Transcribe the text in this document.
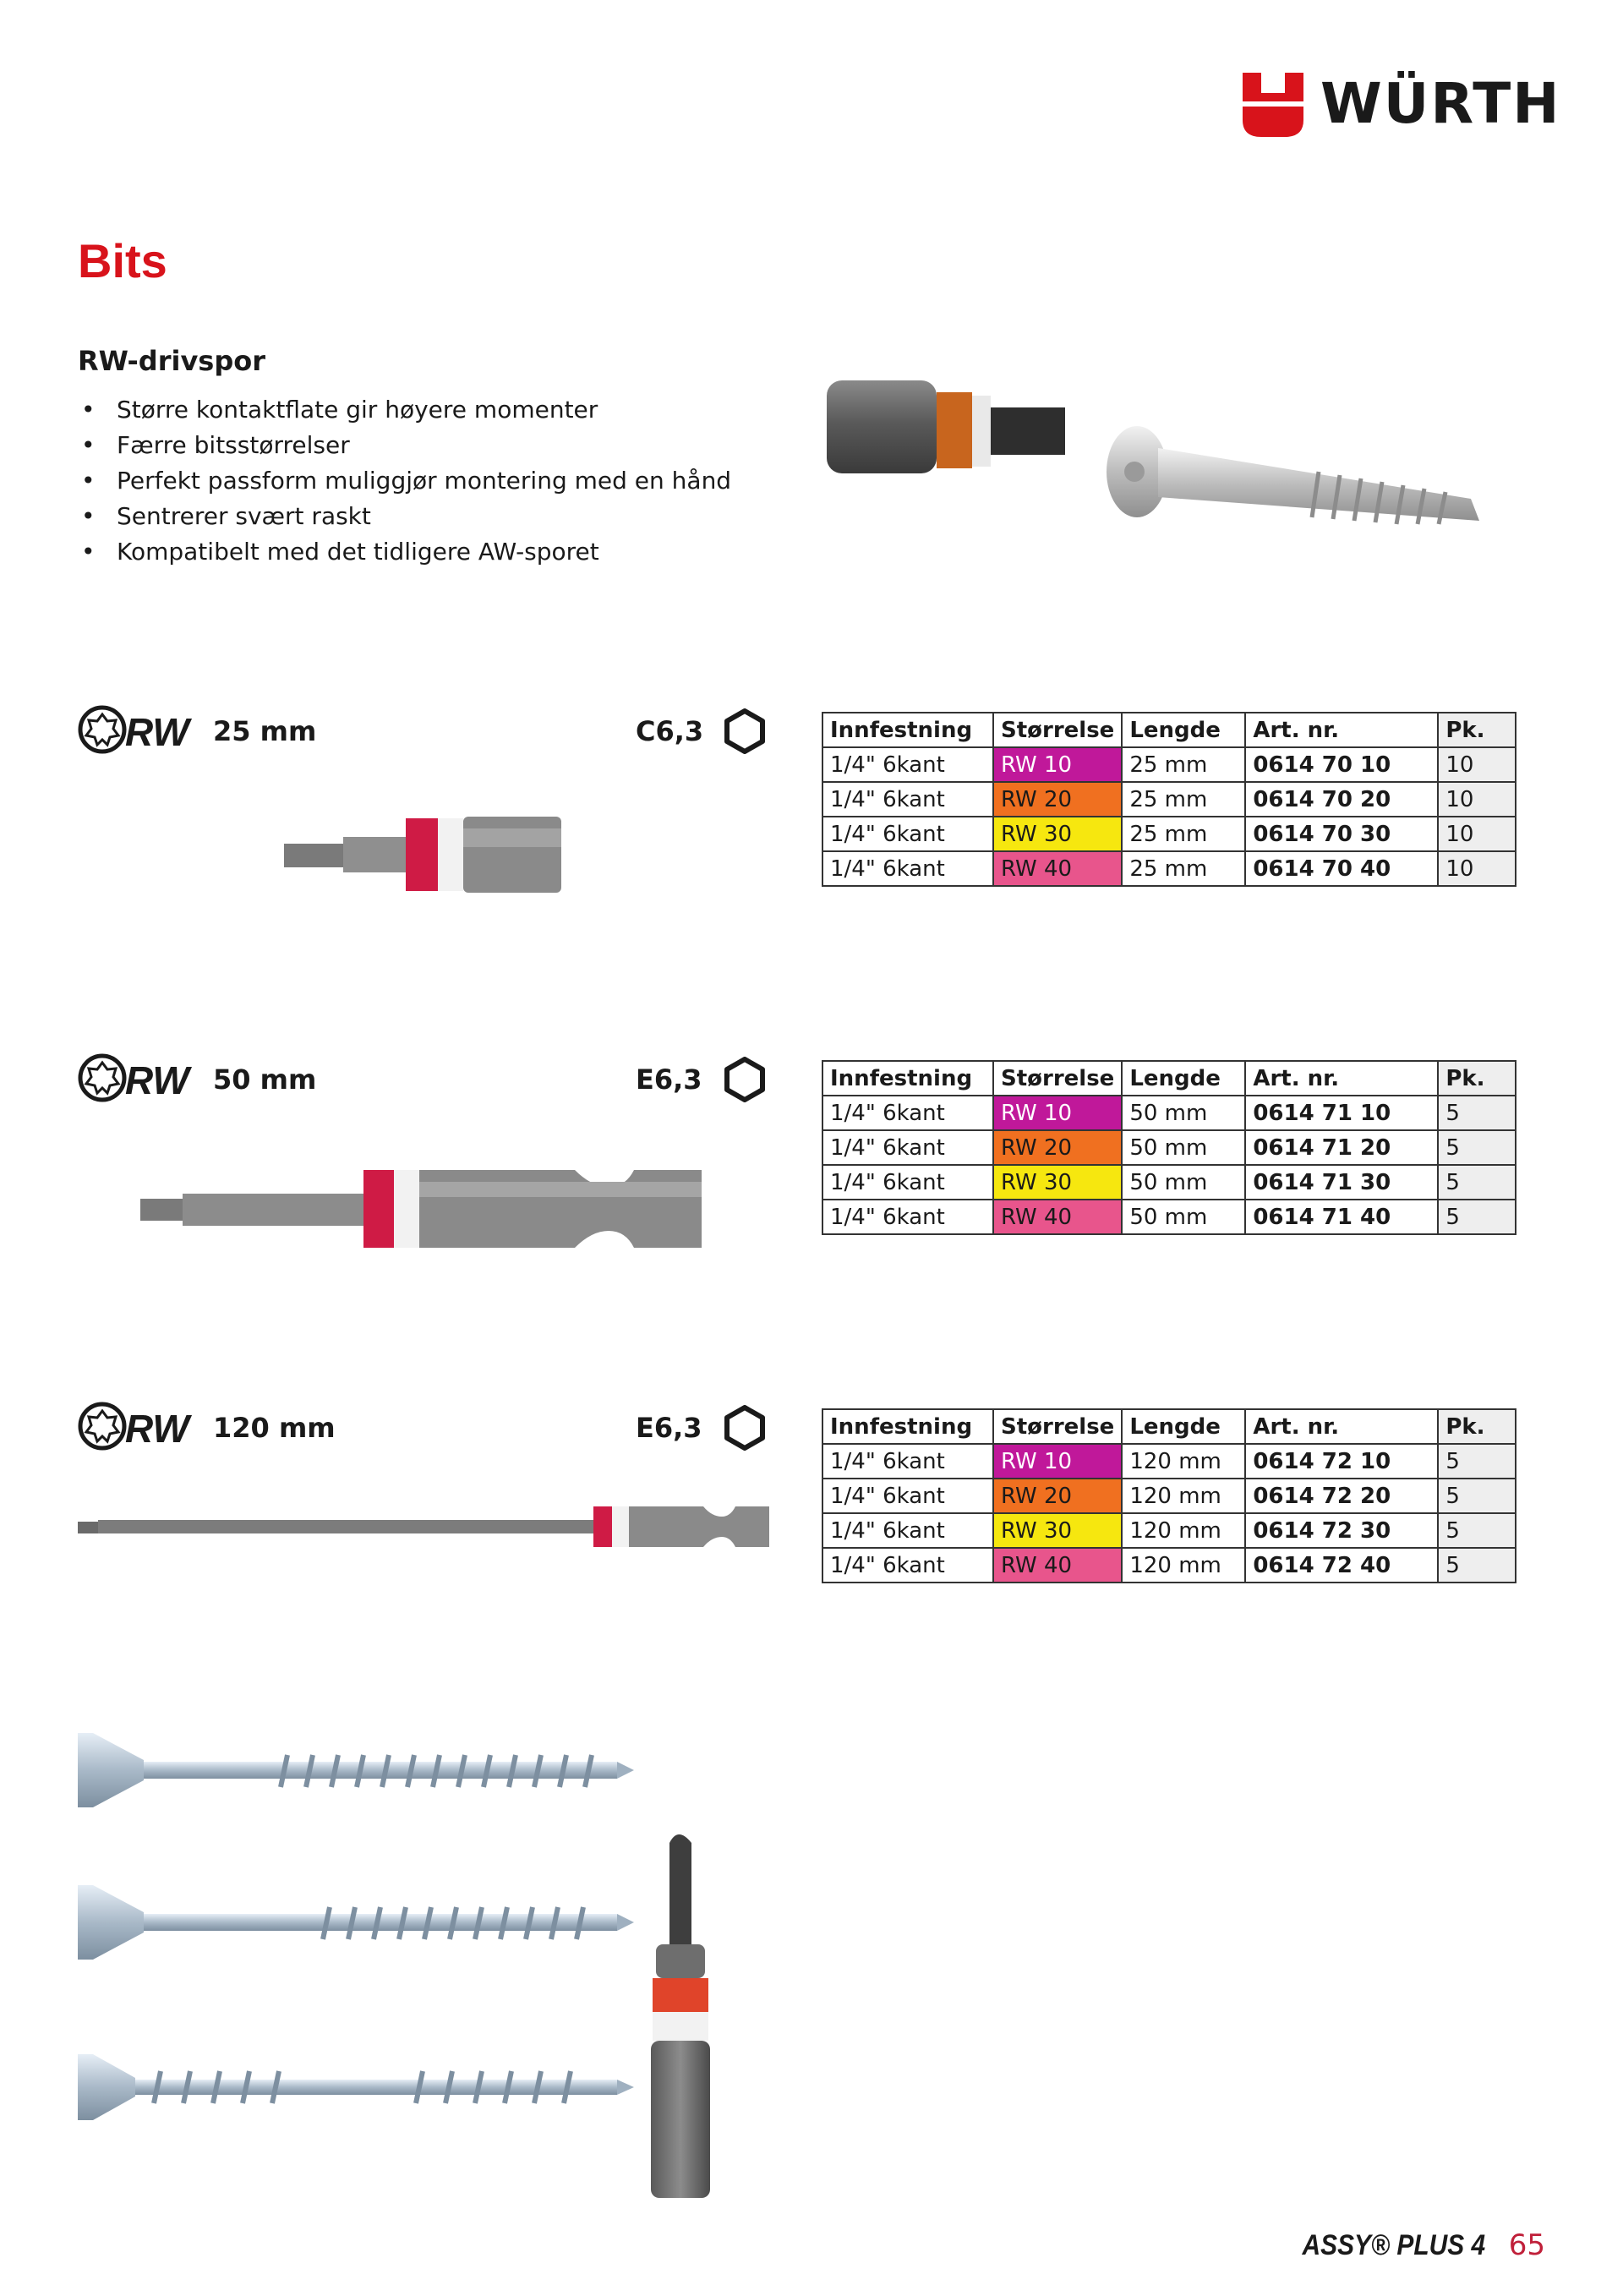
WÜRTH
Bits
RW-drivspor
• Større kontaktflate gir høyere momenter
• Færre bitsstørrelser
• Perfekt passform muliggjør montering med en hånd
• Sentrerer svært raskt
• Kompatibelt med det tidligere AW-sporet
RW 25 mm	C6,3	Innfestning	Størrelse	Lengde	Art. nr.	Pk.
1/4" 6kant	RW 10	25 mm	0614 70 10	10
1/4" 6kant	RW 20	25 mm	0614 70 20	10
1/4" 6kant	RW 30	25 mm	0614 70 30	10
1/4" 6kant	RW 40	25 mm	0614 70 40	10
RW 50 mm	E6,3	Innfestning	Størrelse	Lengde	Art. nr.	Pk.
1/4" 6kant	RW 10	50 mm	0614 71 10	5
1/4" 6kant	RW 20	50 mm	0614 71 20	5
1/4" 6kant	RW 30	50 mm	0614 71 30	5
1/4" 6kant	RW 40	50 mm	0614 71 40	5
RW 120 mm	E6,3	Innfestning	Størrelse	Lengde	Art. nr.	Pk.
1/4" 6kant	RW 10	120 mm	0614 72 10	5
1/4" 6kant	RW 20	120 mm	0614 72 20	5
1/4" 6kant	RW 30	120 mm	0614 72 30	5
1/4" 6kant	RW 40	120 mm	0614 72 40	5
ASSY® PLUS 4 65
